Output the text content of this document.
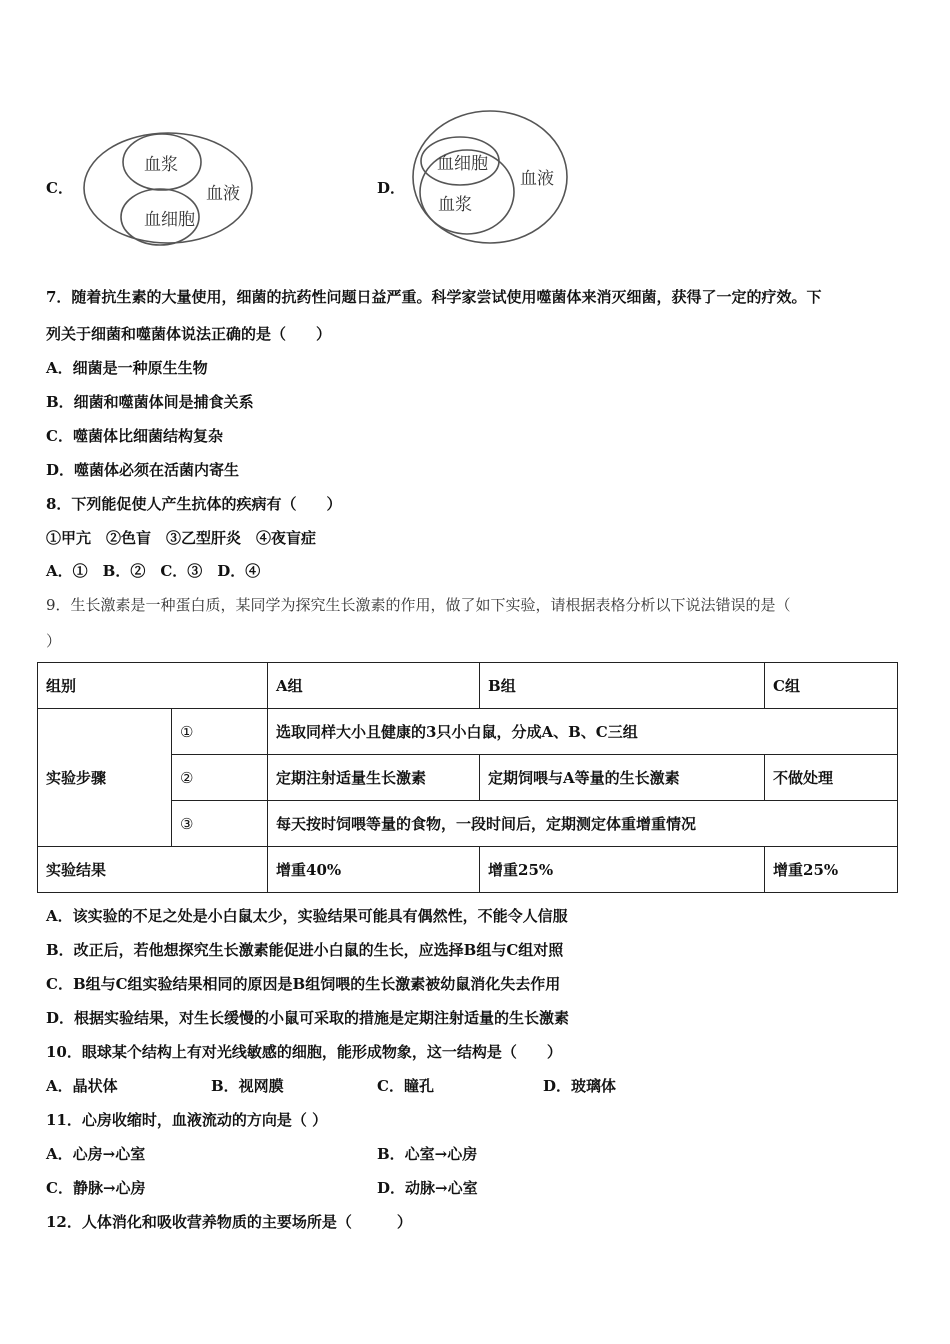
C．
血浆
血细胞
血液	D．
血细胞
血浆
血液
7．随着抗生素的大量使用，细菌的抗药性问题日益严重。科学家尝试使用噬菌体来消灭细菌，获得了一定的疗效。下
列关于细菌和噬菌体说法正确的是（　　）
A．细菌是一种原生生物
B．细菌和噬菌体间是捕食关系
C．噬菌体比细菌结构复杂
D．噬菌体必须在活菌内寄生
8．下列能促使人产生抗体的疾病有（　　）
①甲亢　②色盲　③乙型肝炎　④夜盲症
A．①　B．②　C．③　D．④
9．生长激素是一种蛋白质，某同学为探究生长激素的作用，做了如下实验，请根据表格分析以下说法错误的是（
）
组别		A组	B组	C组
实验步骤	①	选取同样大小且健康的3只小白鼠，分成A、B、C三组		
	②	定期注射适量生长激素	定期饲喂与A等量的生长激素	不做处理
	③	每天按时饲喂等量的食物，一段时间后，定期测定体重增重情况		
实验结果		增重40%	增重25%	增重25%
A．该实验的不足之处是小白鼠太少，实验结果可能具有偶然性，不能令人信服
B．改正后，若他想探究生长激素能促进小白鼠的生长，应选择B组与C组对照
C．B组与C组实验结果相同的原因是B组饲喂的生长激素被幼鼠消化失去作用
D．根据实验结果，对生长缓慢的小鼠可采取的措施是定期注射适量的生长激素
10．眼球某个结构上有对光线敏感的细胞，能形成物象，这一结构是（　　）
A．晶状体	B．视网膜	C．瞳孔	D．玻璃体
11．心房收缩时，血液流动的方向是（ ）
A．心房→心室	B．心室→心房
C．静脉→心房	D．动脉→心室
12．人体消化和吸收营养物质的主要场所是（　　　）
